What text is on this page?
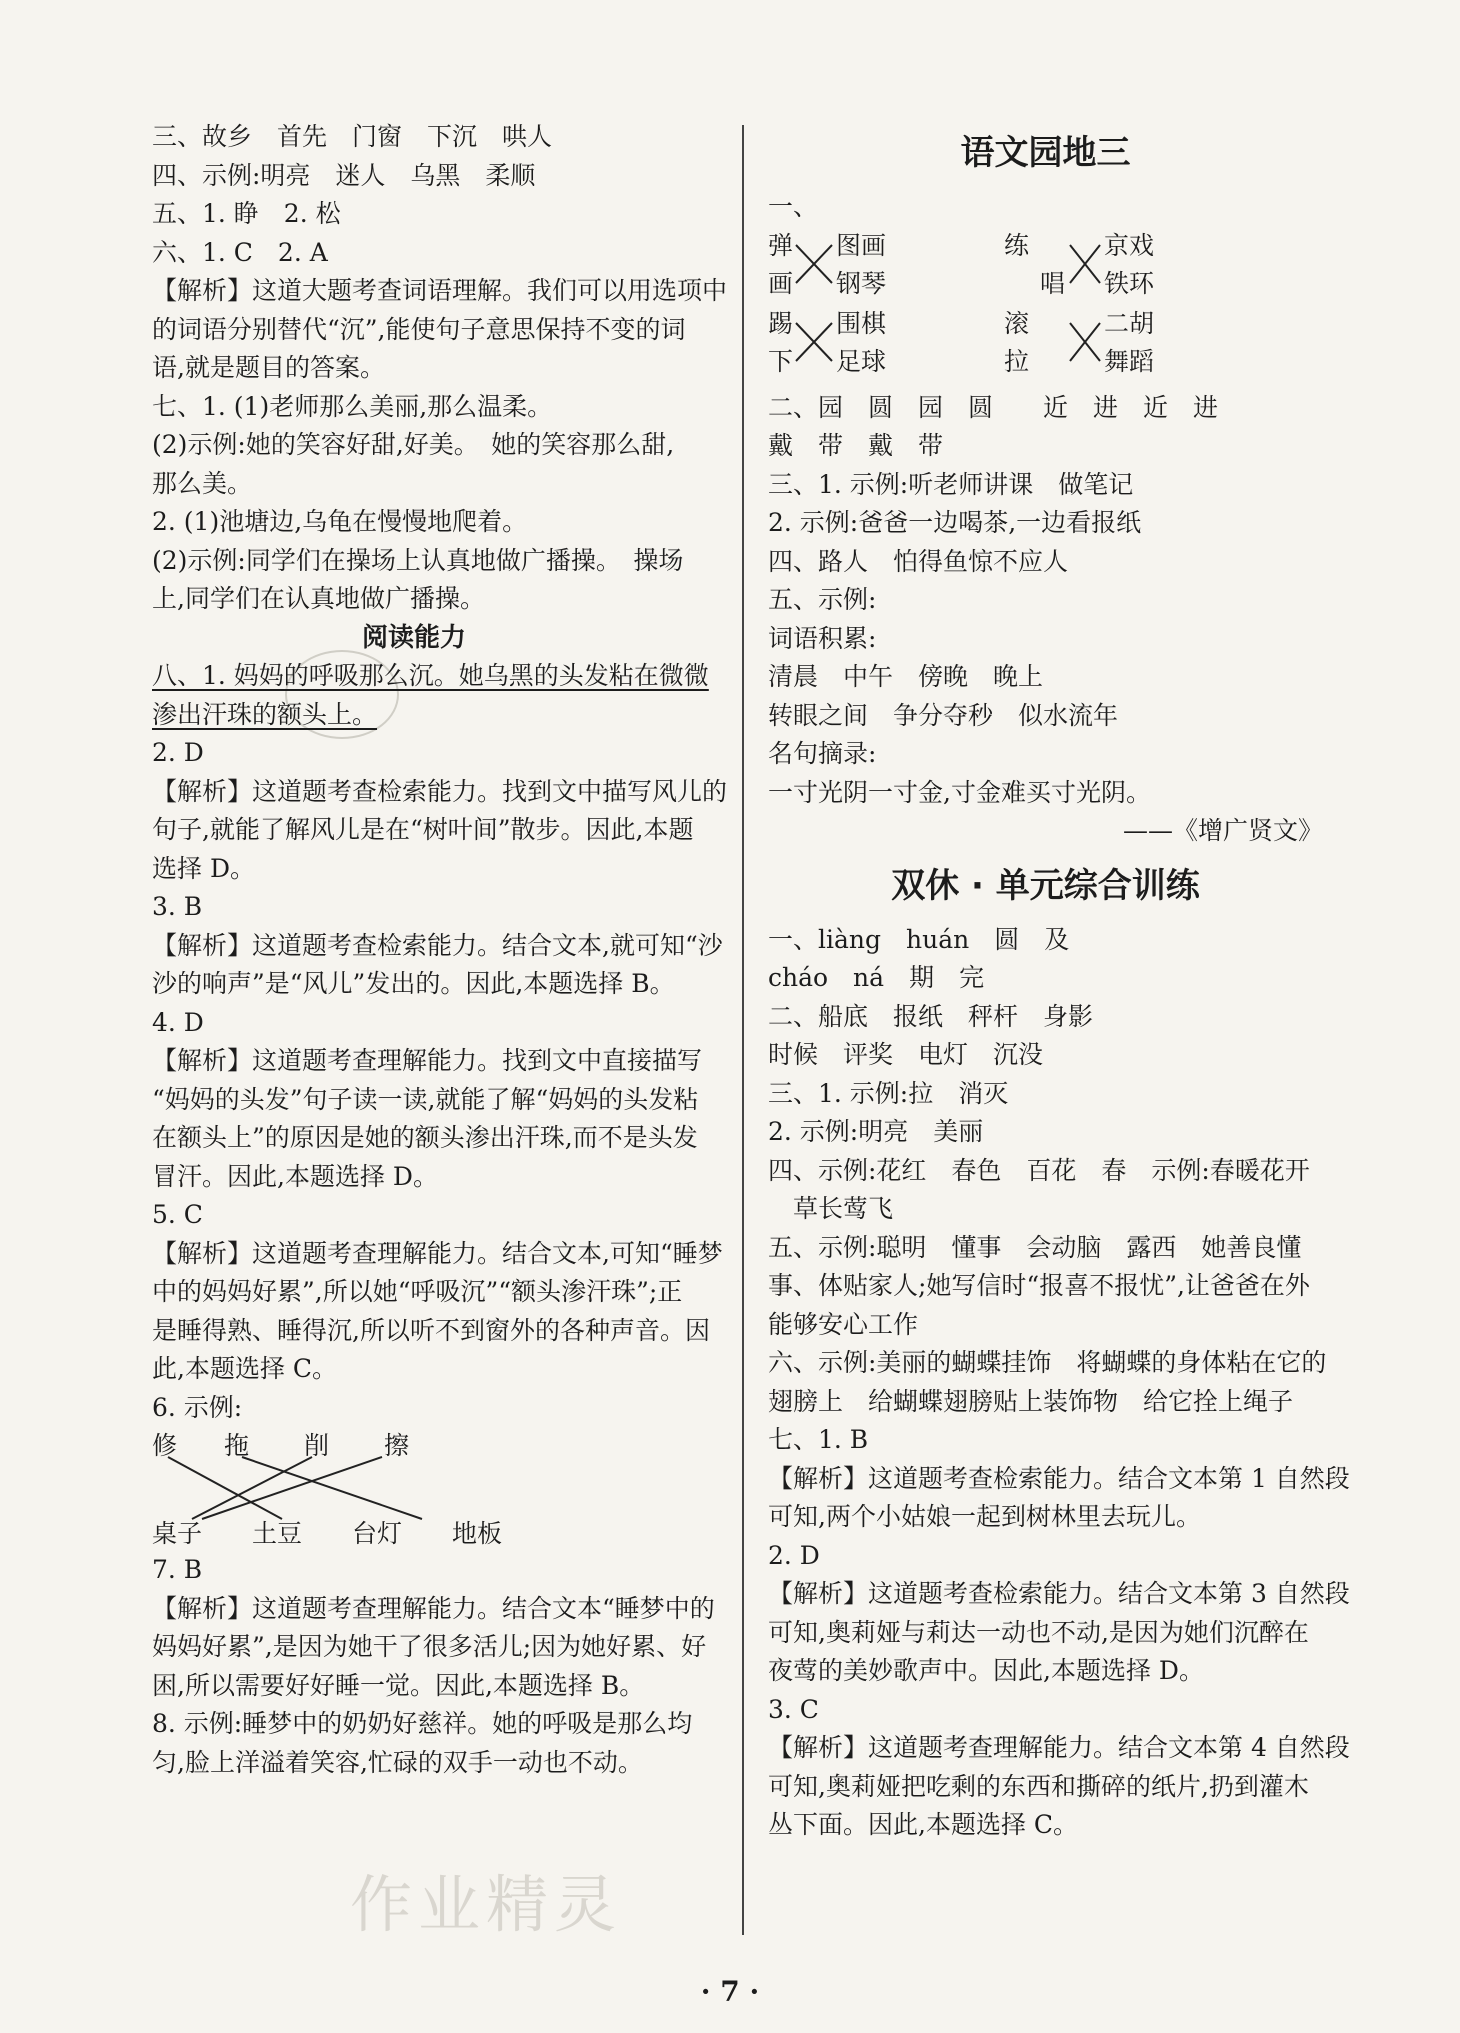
三、故乡　首先　门窗　下沉　哄人
四、示例:明亮　迷人　乌黑　柔顺
五、1. 睁　2. 松
六、1. C　2. A
【解析】这道大题考查词语理解。我们可以用选项中
的词语分别替代“沉”,能使句子意思保持不变的词
语,就是题目的答案。
七、1. (1)老师那么美丽,那么温柔。
(2)示例:她的笑容好甜,好美。　她的笑容那么甜,
那么美。
2. (1)池塘边,乌龟在慢慢地爬着。
(2)示例:同学们在操场上认真地做广播操。　操场
上,同学们在认真地做广播操。
阅读能力
八、1. 妈妈的呼吸那么沉。她乌黑的头发粘在微微
渗出汗珠的额头上。
2. D
【解析】这道题考查检索能力。找到文中描写风儿的
句子,就能了解风儿是在“树叶间”散步。因此,本题
选择 D。
3. B
【解析】这道题考查检索能力。结合文本,就可知“沙
沙的响声”是“风儿”发出的。因此,本题选择 B。
4. D
【解析】这道题考查理解能力。找到文中直接描写
“妈妈的头发”句子读一读,就能了解“妈妈的头发粘
在额头上”的原因是她的额头渗出汗珠,而不是头发
冒汗。因此,本题选择 D。
5. C
【解析】这道题考查理解能力。结合文本,可知“睡梦
中的妈妈好累”,所以她“呼吸沉”“额头渗汗珠”;正
是睡得熟、睡得沉,所以听不到窗外的各种声音。因
此,本题选择 C。
6. 示例:
修 拖 削 擦
桌子 土豆 台灯 地板
7. B
【解析】这道题考查理解能力。结合文本“睡梦中的
妈妈好累”,是因为她干了很多活儿;因为她好累、好
困,所以需要好好睡一觉。因此,本题选择 B。
8. 示例:睡梦中的奶奶好慈祥。她的呼吸是那么均
匀,脸上洋溢着笑容,忙碌的双手一动也不动。
语文园地三
一、
弹
画
踢
下
图画
钢琴
围棋
足球
练
唱
滚
拉
京戏
铁环
二胡
舞蹈
二、园　圆　园　圆　　近　进　近　进
戴　带　戴　带
三、1. 示例:听老师讲课　做笔记
2. 示例:爸爸一边喝茶,一边看报纸
四、路人　怕得鱼惊不应人
五、示例:
词语积累:
清晨　中午　傍晚　晚上
转眼之间　争分夺秒　似水流年
名句摘录:
一寸光阴一寸金,寸金难买寸光阴。
——《增广贤文》
双休 · 单元综合训练
一、liàng　huán　圆　及
cháo　ná　期　完
二、船底　报纸　秤杆　身影
时候　评奖　电灯　沉没
三、1. 示例:拉　消灭
2. 示例:明亮　美丽
四、示例:花红　春色　百花　春　示例:春暖花开
　草长莺飞
五、示例:聪明　懂事　会动脑　露西　她善良懂
事、体贴家人;她写信时“报喜不报忧”,让爸爸在外
能够安心工作
六、示例:美丽的蝴蝶挂饰　将蝴蝶的身体粘在它的
翅膀上　给蝴蝶翅膀贴上装饰物　给它拴上绳子
七、1. B
【解析】这道题考查检索能力。结合文本第 1 自然段
可知,两个小姑娘一起到树林里去玩儿。
2. D
【解析】这道题考查检索能力。结合文本第 3 自然段
可知,奥莉娅与莉达一动也不动,是因为她们沉醉在
夜莺的美妙歌声中。因此,本题选择 D。
3. C
【解析】这道题考查理解能力。结合文本第 4 自然段
可知,奥莉娅把吃剩的东西和撕碎的纸片,扔到灌木
丛下面。因此,本题选择 C。
作业精灵
· 7 ·
